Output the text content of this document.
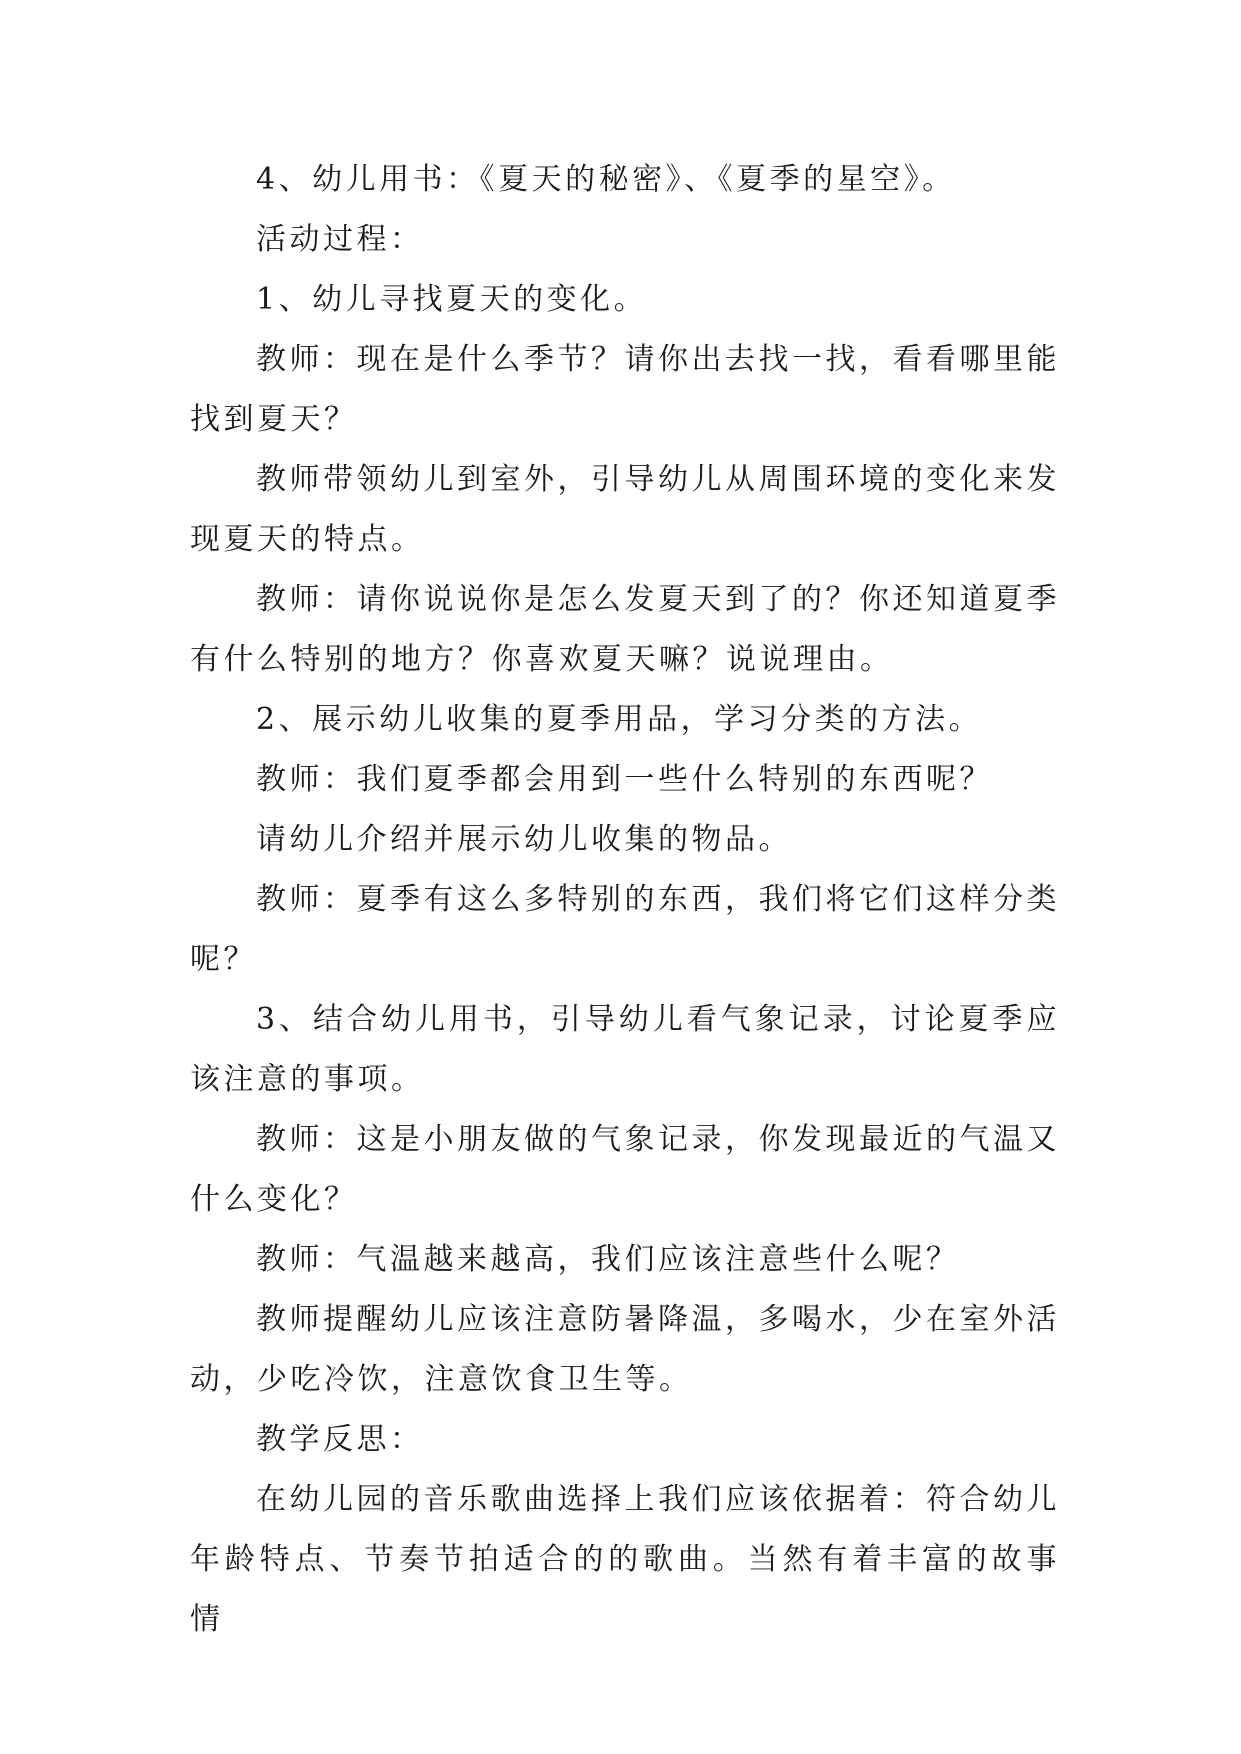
4、幼儿用书：《夏天的秘密》、《夏季的星空》。

活动过程：

1、幼儿寻找夏天的变化。

教师：现在是什么季节？请你出去找一找，看看哪里能找到夏天？

教师带领幼儿到室外，引导幼儿从周围环境的变化来发现夏天的特点。

教师：请你说说你是怎么发夏天到了的？你还知道夏季有什么特别的地方？你喜欢夏天嘛？说说理由。

2、展示幼儿收集的夏季用品，学习分类的方法。

教师：我们夏季都会用到一些什么特别的东西呢？

请幼儿介绍并展示幼儿收集的物品。

教师：夏季有这么多特别的东西，我们将它们这样分类呢？

3、结合幼儿用书，引导幼儿看气象记录，讨论夏季应该注意的事项。

教师：这是小朋友做的气象记录，你发现最近的气温又什么变化？

教师：气温越来越高，我们应该注意些什么呢？

教师提醒幼儿应该注意防暑降温，多喝水，少在室外活动，少吃冷饮，注意饮食卫生等。

教学反思：

在幼儿园的音乐歌曲选择上我们应该依据着：符合幼儿年龄特点、节奏节拍适合的的歌曲。当然有着丰富的故事情
